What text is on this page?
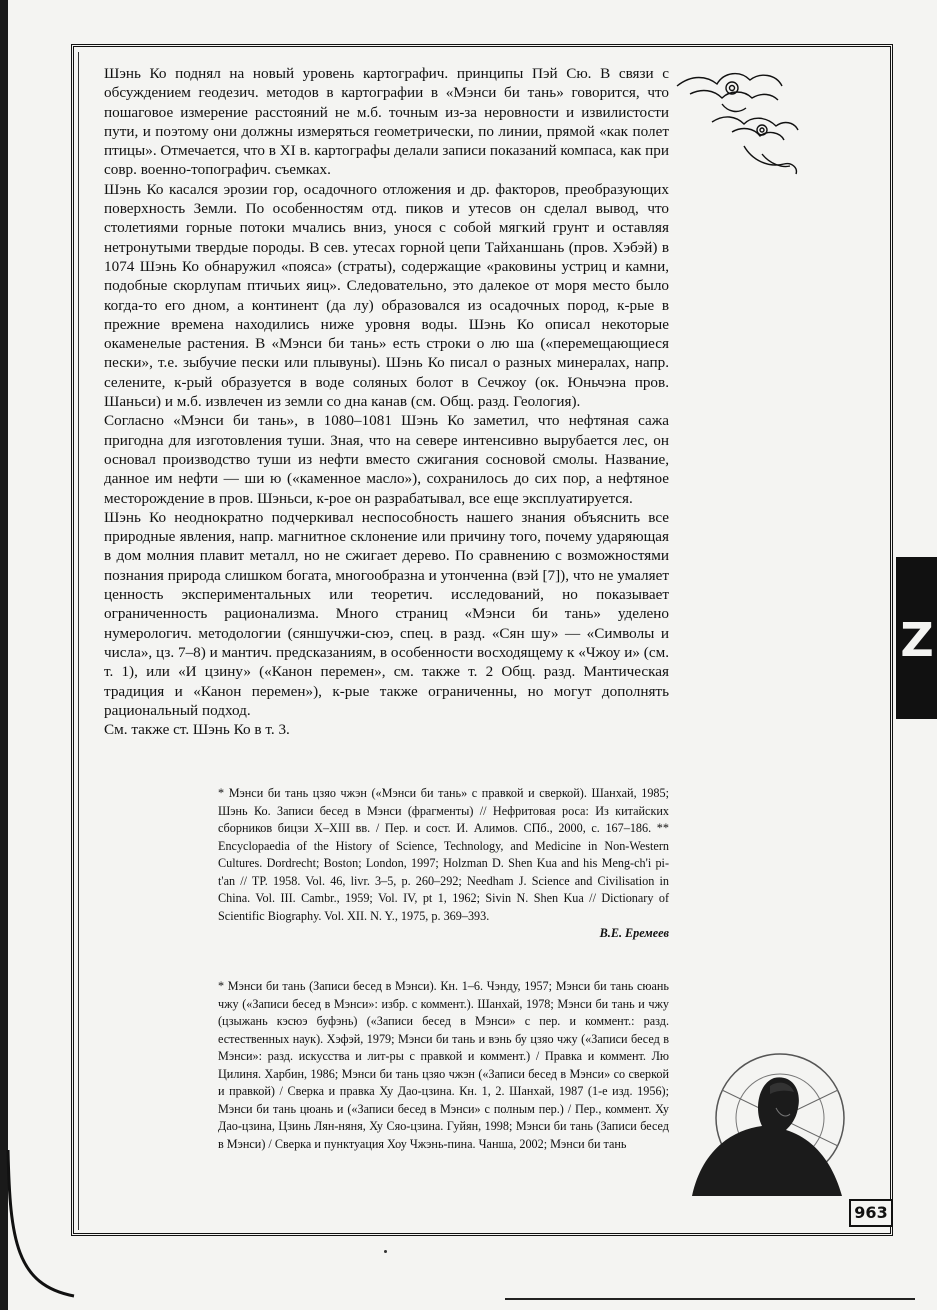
Шэнь Ко поднял на новый уровень картографич. принципы Пэй Сю. В связи с обсуждением геодезич. методов в картографии в «Мэнси би тань» говорится, что пошаговое измерение расстояний не м.б. точным из-за неровности и извилистости пути, и поэтому они должны измеряться геометрически, по линии, прямой «как полет птицы». Отмечается, что в XI в. картографы делали записи показаний компаса, как при совр. военно-топографич. съемках.

Шэнь Ко касался эрозии гор, осадочного отложения и др. факторов, преобразующих поверхность Земли. По особенностям отд. пиков и утесов он сделал вывод, что столетиями горные потоки мчались вниз, унося с собой мягкий грунт и оставляя нетронутыми твердые породы. В сев. утесах горной цепи Тайханшань (пров. Хэбэй) в 1074 Шэнь Ко обнаружил «пояса» (страты), содержащие «раковины устриц и камни, подобные скорлупам птичьих яиц». Следовательно, это далекое от моря место было когда-то его дном, а континент (да лу) образовался из осадочных пород, к-рые в прежние времена находились ниже уровня воды. Шэнь Ко описал некоторые окаменелые растения. В «Мэнси би тань» есть строки о лю ша («перемещающиеся пески», т.е. зыбучие пески или плывуны). Шэнь Ко писал о разных минералах, напр. селените, к-рый образуется в воде соляных болот в Сечжоу (ок. Юньчэна пров. Шаньси) и м.б. извлечен из земли со дна канав (см. Общ. разд. Геология).

Согласно «Мэнси би тань», в 1080–1081 Шэнь Ко заметил, что нефтяная сажа пригодна для изготовления туши. Зная, что на севере интенсивно вырубается лес, он основал производство туши из нефти вместо сжигания сосновой смолы. Название, данное им нефти — ши ю («каменное масло»), сохранилось до сих пор, а нефтяное месторождение в пров. Шэньси, к-рое он разрабатывал, все еще эксплуатируется.

Шэнь Ко неоднократно подчеркивал неспособность нашего знания объяснить все природные явления, напр. магнитное склонение или причину того, почему ударяющая в дом молния плавит металл, но не сжигает дерево. По сравнению с возможностями познания природа слишком богата, многообразна и утонченна (вэй [7]), что не умаляет ценность экспериментальных или теоретич. исследований, но показывает ограниченность рационализма. Много страниц «Мэнси би тань» уделено нумерологич. методологии (сяншучжи-сюэ, спец. в разд. «Сян шу» — «Символы и числа», цз. 7–8) и мантич. предсказаниям, в особенности восходящему к «Чжоу и» (см. т. 1), или «И цзину» («Канон перемен», см. также т. 2 Общ. разд. Мантическая традиция и «Канон перемен»), к-рые также ограниченны, но могут дополнять рациональный подход.

См. также ст. Шэнь Ко в т. 3.

* Мэнси би тань цзяо чжэн («Мэнси би тань» с правкой и сверкой). Шанхай, 1985; Шэнь Ко. Записи бесед в Мэнси (фрагменты) // Нефритовая роса: Из китайских сборников бицзи X–XIII вв. / Пер. и сост. И. Алимов. СПб., 2000, с. 167–186. ** Encyclopaedia of the History of Science, Technology, and Medicine in Non-Western Cultures. Dordrecht; Boston; London, 1997; Holzman D. Shen Kua and his Meng-ch'i pi-t'an // TP. 1958. Vol. 46, livr. 3–5, p. 260–292; Needham J. Science and Civilisation in China. Vol. III. Cambr., 1959; Vol. IV, pt 1, 1962; Sivin N. Shen Kua // Dictionary of Scientific Biography. Vol. XII. N. Y., 1975, p. 369–393.

В.Е. Еремеев

* Мэнси би тань (Записи бесед в Мэнси). Кн. 1–6. Чэнду, 1957; Мэнси би тань сюань чжу («Записи бесед в Мэнси»: избр. с коммент.). Шанхай, 1978; Мэнси би тань и чжу (цзыжань кэсюэ буфэнь) («Записи бесед в Мэнси» с пер. и коммент.: разд. естественных наук). Хэфэй, 1979; Мэнси би тань и вэнь бу цзяо чжу («Записи бесед в Мэнси»: разд. искусства и лит-ры с правкой и коммент.) / Правка и коммент. Лю Цилиня. Харбин, 1986; Мэнси би тань цзяо чжэн («Записи бесед в Мэнси» со сверкой и правкой) / Сверка и правка Ху Дао-цзина. Кн. 1, 2. Шанхай, 1987 (1-е изд. 1956); Мэнси би тань цюань и («Записи бесед в Мэнси» с полным пер.) / Пер., коммент. Ху Дао-цзина, Цзинь Лян-няня, Ху Сяо-цзина. Гуйян, 1998; Мэнси би тань (Записи бесед в Мэнси) / Сверка и пунктуация Хоу Чжэнь-пина. Чанша, 2002; Мэнси би тань

Z
963
